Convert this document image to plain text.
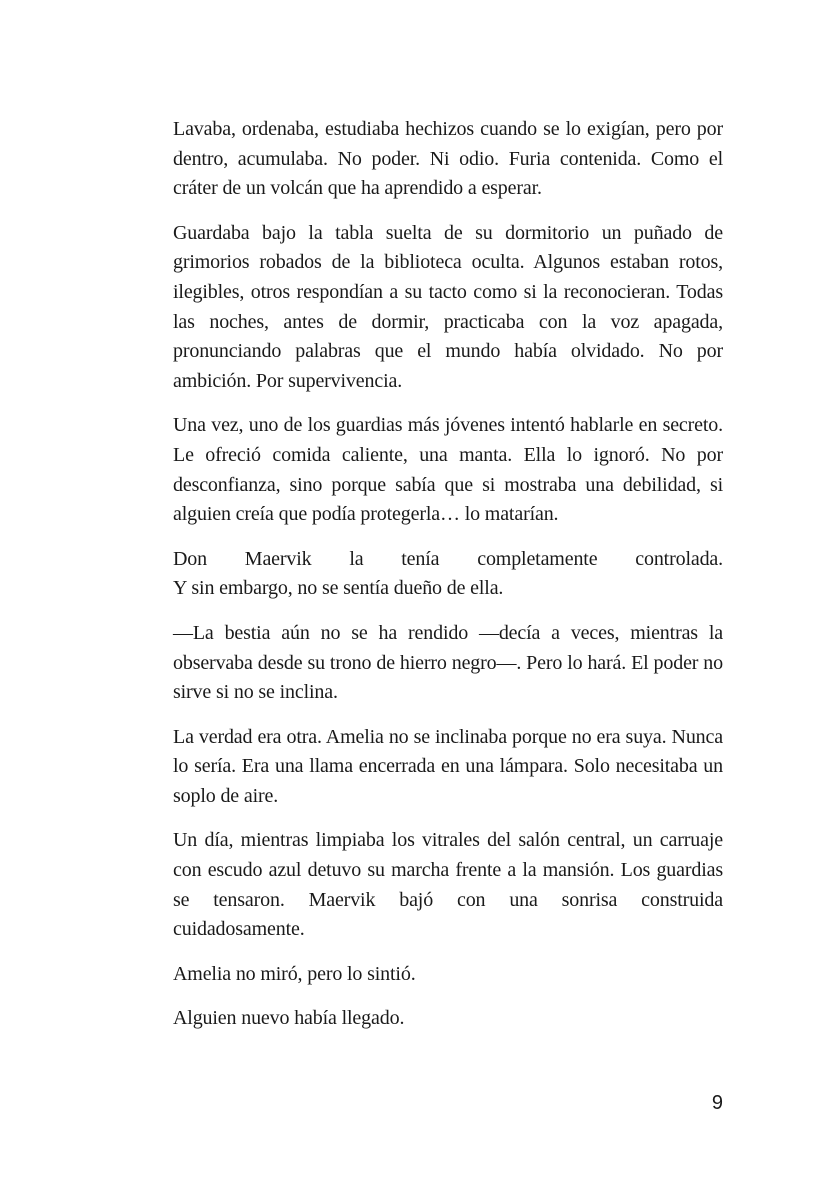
Lavaba, ordenaba, estudiaba hechizos cuando se lo exigían, pero por dentro, acumulaba. No poder. Ni odio. Furia contenida. Como el cráter de un volcán que ha aprendido a esperar.

Guardaba bajo la tabla suelta de su dormitorio un puñado de grimorios robados de la biblioteca oculta. Algunos estaban rotos, ilegibles, otros respondían a su tacto como si la reconocieran. Todas las noches, antes de dormir, practicaba con la voz apagada, pronunciando palabras que el mundo había olvidado. No por ambición. Por supervivencia.

Una vez, uno de los guardias más jóvenes intentó hablarle en secreto. Le ofreció comida caliente, una manta. Ella lo ignoró. No por desconfianza, sino porque sabía que si mostraba una debilidad, si alguien creía que podía protegerla… lo matarían.

Don Maervik la tenía completamente controlada.

Y sin embargo, no se sentía dueño de ella.

—La bestia aún no se ha rendido —decía a veces, mientras la observaba desde su trono de hierro negro—. Pero lo hará. El poder no sirve si no se inclina.

La verdad era otra. Amelia no se inclinaba porque no era suya. Nunca lo sería. Era una llama encerrada en una lámpara. Solo necesitaba un soplo de aire.

Un día, mientras limpiaba los vitrales del salón central, un carruaje con escudo azul detuvo su marcha frente a la mansión. Los guardias se tensaron. Maervik bajó con una sonrisa construida cuidadosamente.

Amelia no miró, pero lo sintió.

Alguien nuevo había llegado.

9
